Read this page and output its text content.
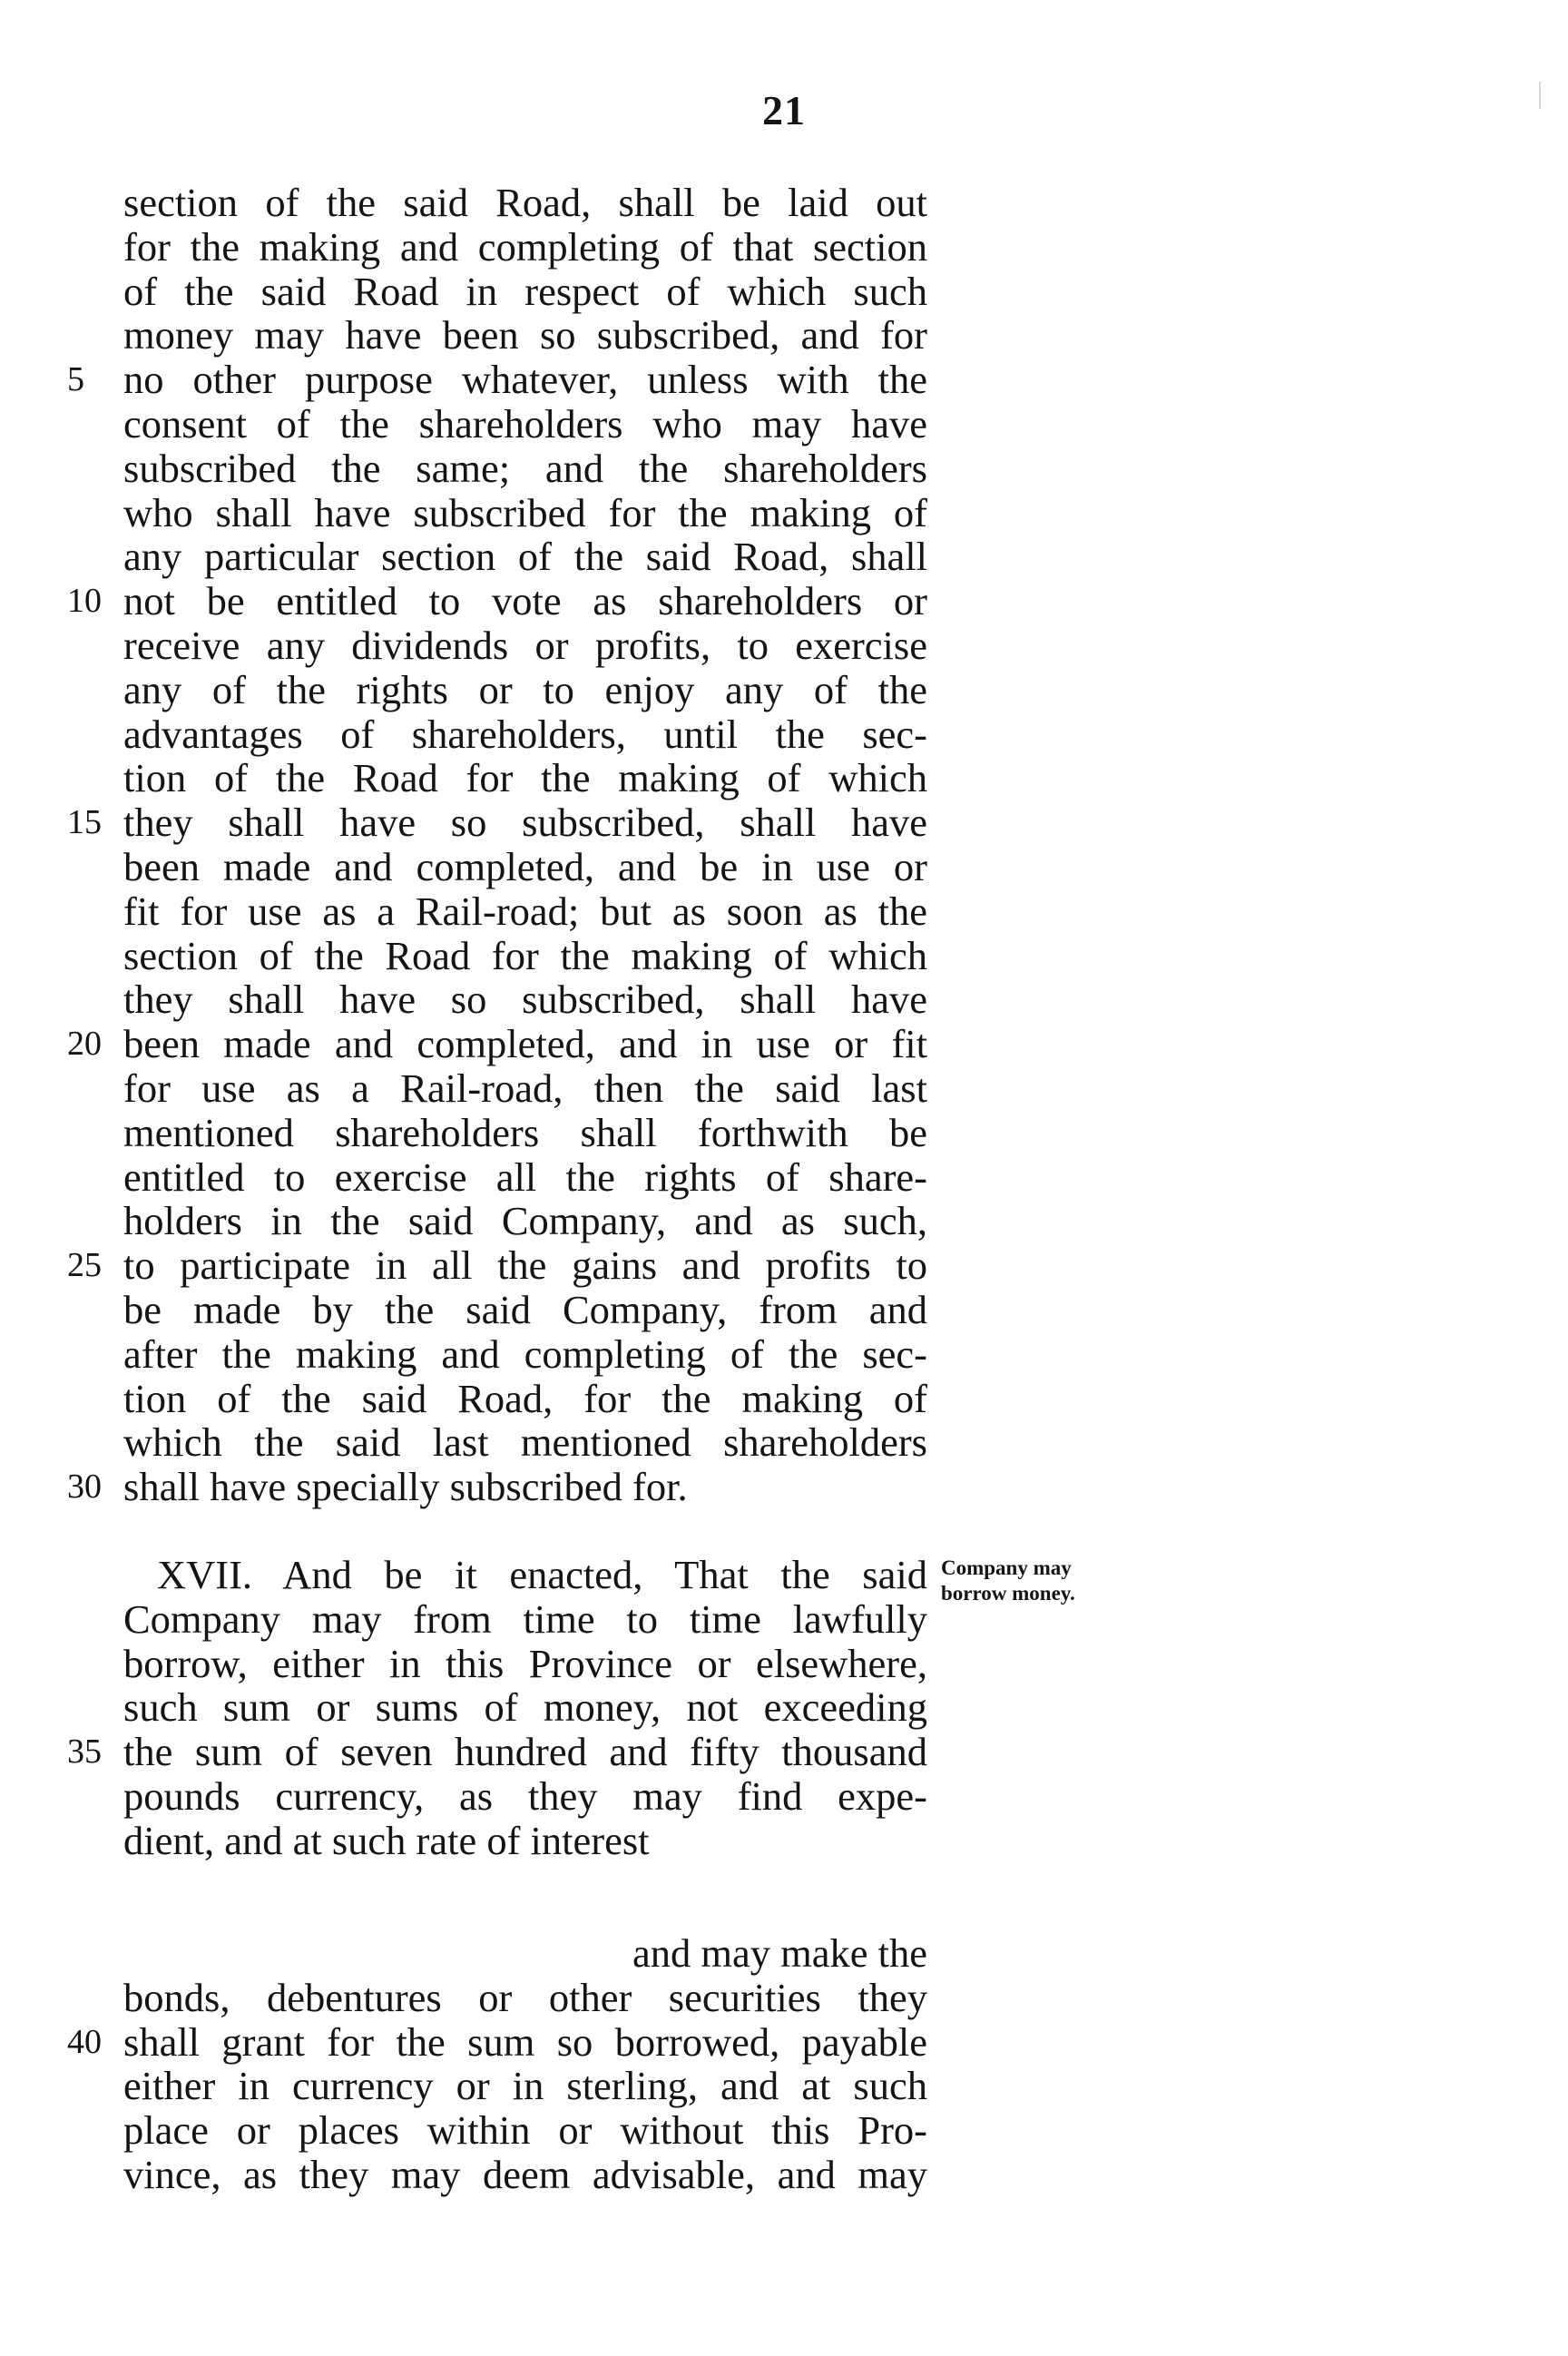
21
section of the said Road, shall be laid out
for the making and completing of that section
of the said Road in respect of which such
money may have been so subscribed, and for
no other purpose whatever, unless with the
consent of the shareholders who may have
subscribed the same; and the shareholders
who shall have subscribed for the making of
any particular section of the said Road, shall
not be entitled to vote as shareholders or
receive any dividends or profits, to exercise
any of the rights or to enjoy any of the
advantages of shareholders, until the sec-
tion of the Road for the making of which
they shall have so subscribed, shall have
been made and completed, and be in use or
fit for use as a Rail-road; but as soon as the
section of the Road for the making of which
they shall have so subscribed, shall have
been made and completed, and in use or fit
for use as a Rail-road, then the said last
mentioned shareholders shall forthwith be
entitled to exercise all the rights of share-
holders in the said Company, and as such,
to participate in all the gains and profits to
be made by the said Company, from and
after the making and completing of the sec-
tion of the said Road, for the making of
which the said last mentioned shareholders
shall have specially subscribed for.
XVII. And be it enacted, That the said
Company may from time to time lawfully
borrow, either in this Province or elsewhere,
such sum or sums of money, not exceeding
the sum of seven hundred and fifty thousand
pounds currency, as they may find expe-
dient, and at such rate of interest
and may make the
bonds, debentures or other securities they
shall grant for the sum so borrowed, payable
either in currency or in sterling, and at such
place or places within or without this Pro-
vince, as they may deem advisable, and may
5
10
15
20
25
30
35
40
Company may
borrow money.
